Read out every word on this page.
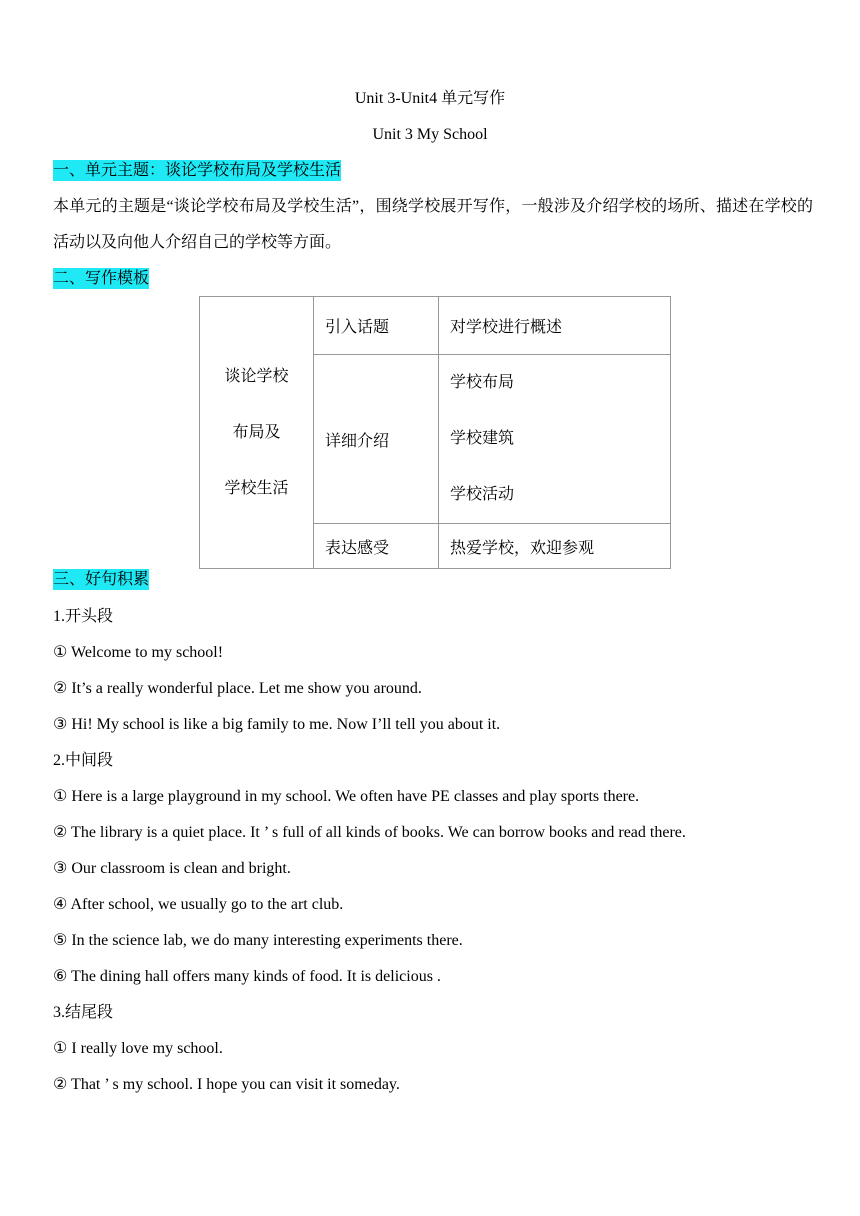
Unit 3-Unit4 单元写作
Unit 3 My School
一、单元主题：谈论学校布局及学校生活
本单元的主题是“谈论学校布局及学校生活”，围绕学校展开写作，一般涉及介绍学校的场所、描述在学校的活动以及向他人介绍自己的学校等方面。
二、写作模板
谈论学校
布局及
学校生活	引入话题	对学校进行概述
	详细介绍	学校布局
学校建筑
学校活动

	表达感受	热爱学校，欢迎参观
三、好句积累
1.开头段
① Welcome to my school!
② It’s a really wonderful place. Let me show you around.
③ Hi! My school is like a big family to me. Now I’ll tell you about it.
2.中间段
① Here is a large playground in my school. We often have PE classes and play sports there.
② The library is a quiet place. It ’ s full of all kinds of books. We can borrow books and read there.
③ Our classroom is clean and bright.
④ After school, we usually go to the art club.
⑤ In the science lab, we do many interesting experiments there.
⑥ The dining hall offers many kinds of food. It is delicious .
3.结尾段
① I really love my school.
② That ’ s my school. I hope you can visit it someday.
